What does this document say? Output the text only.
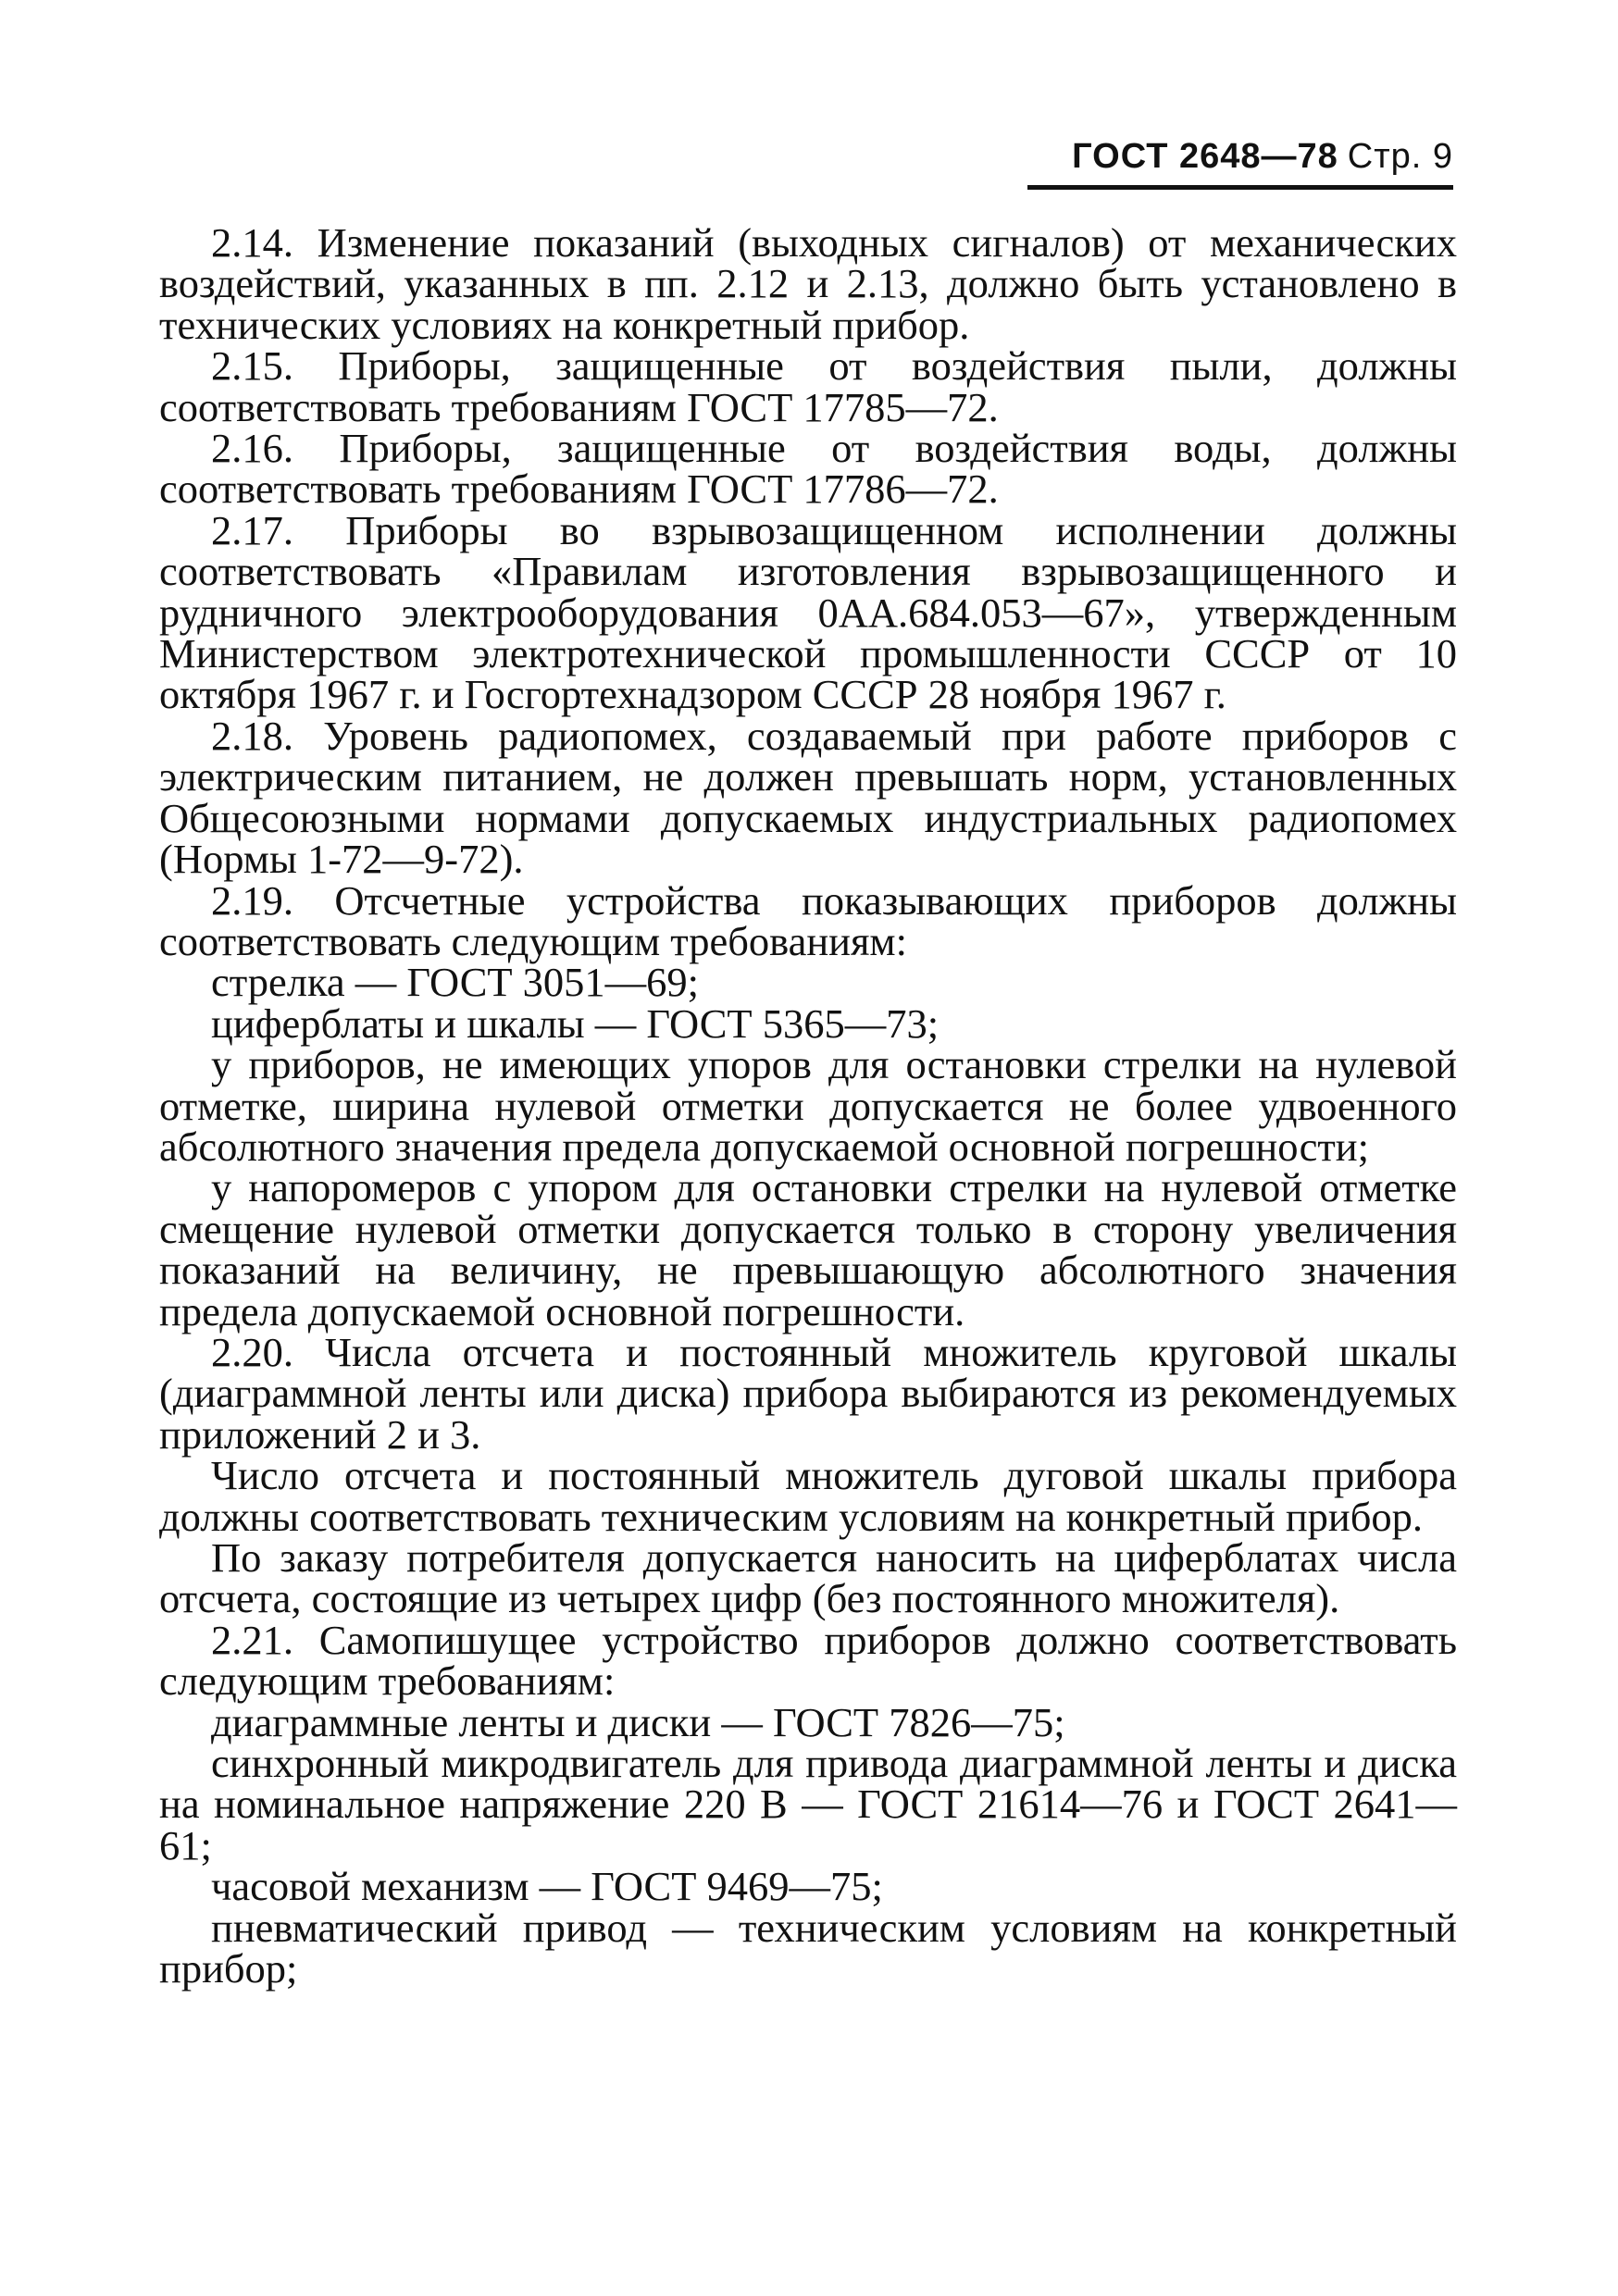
ГОСТ 2648—78 Стр. 9

2.14. Изменение показаний (выходных сигналов) от механических воздействий, указанных в пп. 2.12 и 2.13, должно быть установлено в технических условиях на конкретный прибор.

2.15. Приборы, защищенные от воздействия пыли, должны соответствовать требованиям ГОСТ 17785—72.

2.16. Приборы, защищенные от воздействия воды, должны соответствовать требованиям ГОСТ 17786—72.

2.17. Приборы во взрывозащищенном исполнении должны соответствовать «Правилам изготовления взрывозащищенного и рудничного электрооборудования 0АА.684.053—67», утвержденным Министерством электротехнической промышленности СССР от 10 октября 1967 г. и Госгортехнадзором СССР 28 ноября 1967 г.

2.18. Уровень радиопомех, создаваемый при работе приборов с электрическим питанием, не должен превышать норм, установленных Общесоюзными нормами допускаемых индустриальных радиопомех (Нормы 1-72—9-72).

2.19. Отсчетные устройства показывающих приборов должны соответствовать следующим требованиям:

стрелка — ГОСТ 3051—69;

циферблаты и шкалы — ГОСТ 5365—73;

у приборов, не имеющих упоров для остановки стрелки на нулевой отметке, ширина нулевой отметки допускается не более удвоенного абсолютного значения предела допускаемой основной погрешности;

у напоромеров с упором для остановки стрелки на нулевой отметке смещение нулевой отметки допускается только в сторону увеличения показаний на величину, не превышающую абсолютного значения предела допускаемой основной погрешности.

2.20. Числа отсчета и постоянный множитель круговой шкалы (диаграммной ленты или диска) прибора выбираются из рекомендуемых приложений 2 и 3.

Число отсчета и постоянный множитель дуговой шкалы прибора должны соответствовать техническим условиям на конкретный прибор.

По заказу потребителя допускается наносить на циферблатах числа отсчета, состоящие из четырех цифр (без постоянного множителя).

2.21. Самопишущее устройство приборов должно соответствовать следующим требованиям:

диаграммные ленты и диски — ГОСТ 7826—75;

синхронный микродвигатель для привода диаграммной ленты и диска на номинальное напряжение 220 В — ГОСТ 21614—76 и ГОСТ 2641—61;

часовой механизм — ГОСТ 9469—75;

пневматический привод — техническим условиям на конкретный прибор;
